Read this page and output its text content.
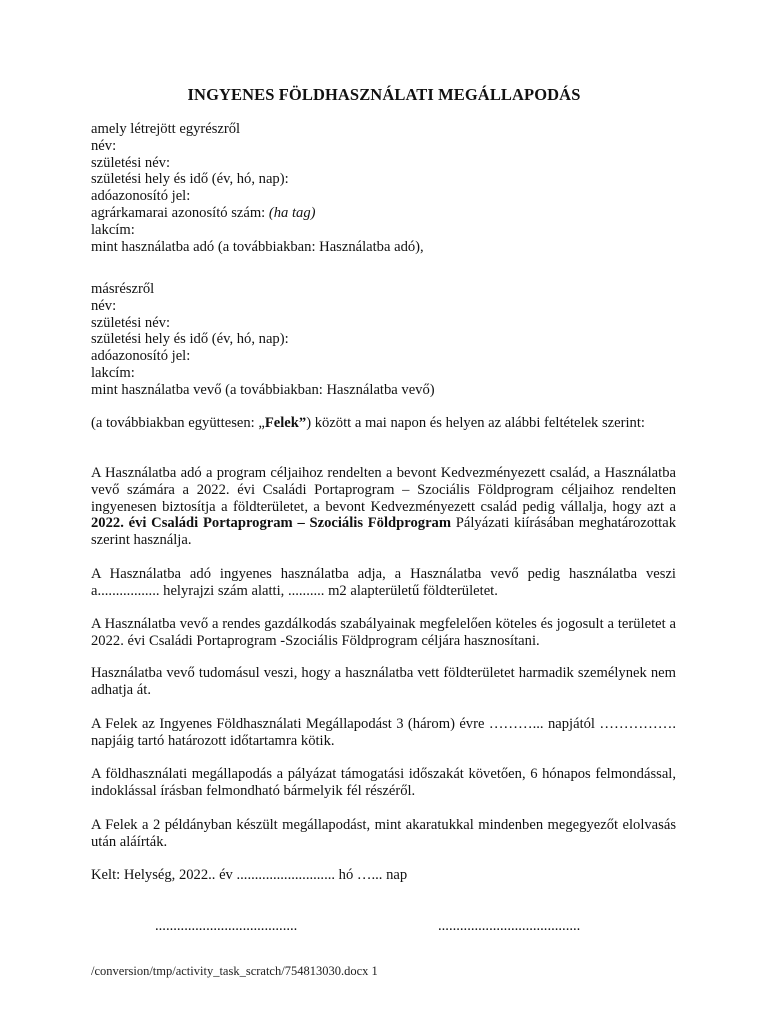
INGYENES FÖLDHASZNÁLATI MEGÁLLAPODÁS
amely létrejött egyrészről
név:
születési név:
születési hely és idő (év, hó, nap):
adóazonosító jel:
agrárkamarai azonosító szám: (ha tag)
lakcím:
mint használatba adó (a továbbiakban: Használatba adó),
másrészről
név:
születési név:
születési hely és idő (év, hó, nap):
adóazonosító jel:
lakcím:
mint használatba vevő (a továbbiakban: Használatba vevő)
(a továbbiakban együttesen: „Felek”) között a mai napon és helyen az alábbi feltételek szerint:
A Használatba adó a program céljaihoz rendelten a bevont Kedvezményezett család, a Használatba vevő számára a 2022. évi Családi Portaprogram – Szociális Földprogram céljaihoz rendelten ingyenesen biztosítja a földterületet, a bevont Kedvezményezett család pedig vállalja, hogy azt a 2022. évi Családi Portaprogram – Szociális Földprogram Pályázati kiírásában meghatározottak szerint használja.
A Használatba adó ingyenes használatba adja, a Használatba vevő pedig használatba veszi a................. helyrajzi szám alatti, .......... m2 alapterületű földterületet.
A Használatba vevő a rendes gazdálkodás szabályainak megfelelően köteles és jogosult a területet a 2022. évi Családi Portaprogram -Szociális Földprogram céljára hasznosítani.
Használatba vevő tudomásul veszi, hogy a használatba vett földterületet harmadik személynek nem adhatja át.
A Felek az Ingyenes Földhasználati Megállapodást 3 (három) évre ………... napjától ……………. napjáig tartó határozott időtartamra kötik.
A földhasználati megállapodás a pályázat támogatási időszakát követően, 6 hónapos felmondással, indoklással írásban felmondható bármelyik fél részéről.
A Felek a 2 példányban készült megállapodást, mint akaratukkal mindenben megegyezőt elolvasás után aláírták.
Kelt: Helység, 2022.. év ........................... hó …... nap
.......................................	.......................................
/conversion/tmp/activity_task_scratch/754813030.docx 1
